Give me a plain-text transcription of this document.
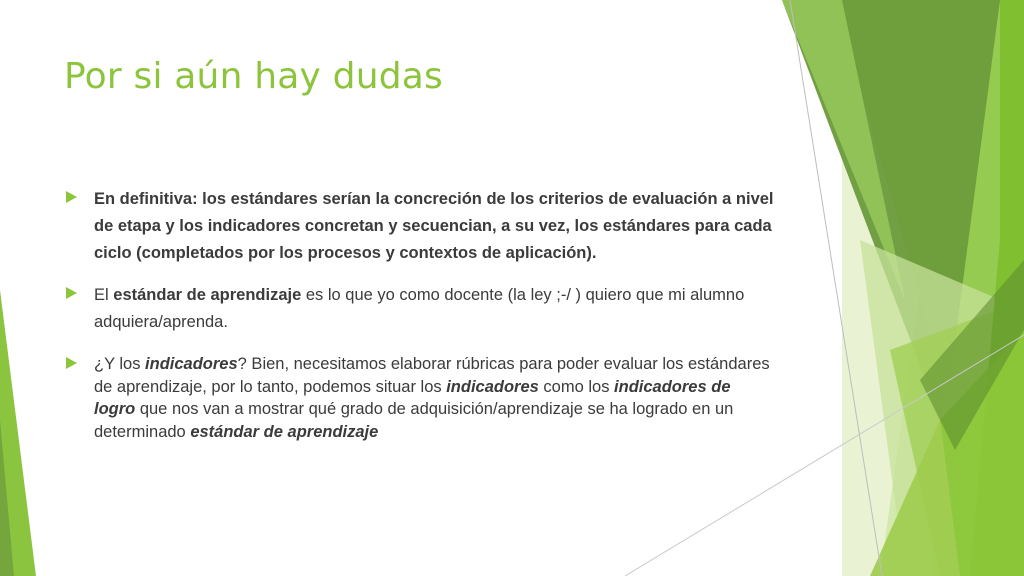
Por si aún hay dudas
En definitiva: los estándares serían la concreción de los criterios de evaluación a nivel de etapa y los indicadores concretan y secuencian, a su vez, los estándares para cada ciclo (completados por los procesos y contextos de aplicación).
El estándar de aprendizaje es lo que yo como docente (la ley ;-/ ) quiero que mi alumno adquiera/aprenda.
¿Y los indicadores? Bien, necesitamos elaborar rúbricas para poder evaluar los estándares de aprendizaje, por lo tanto, podemos situar los indicadores como los indicadores de logro que nos van a mostrar qué grado de adquisición/aprendizaje se ha logrado en un determinado estándar de aprendizaje
